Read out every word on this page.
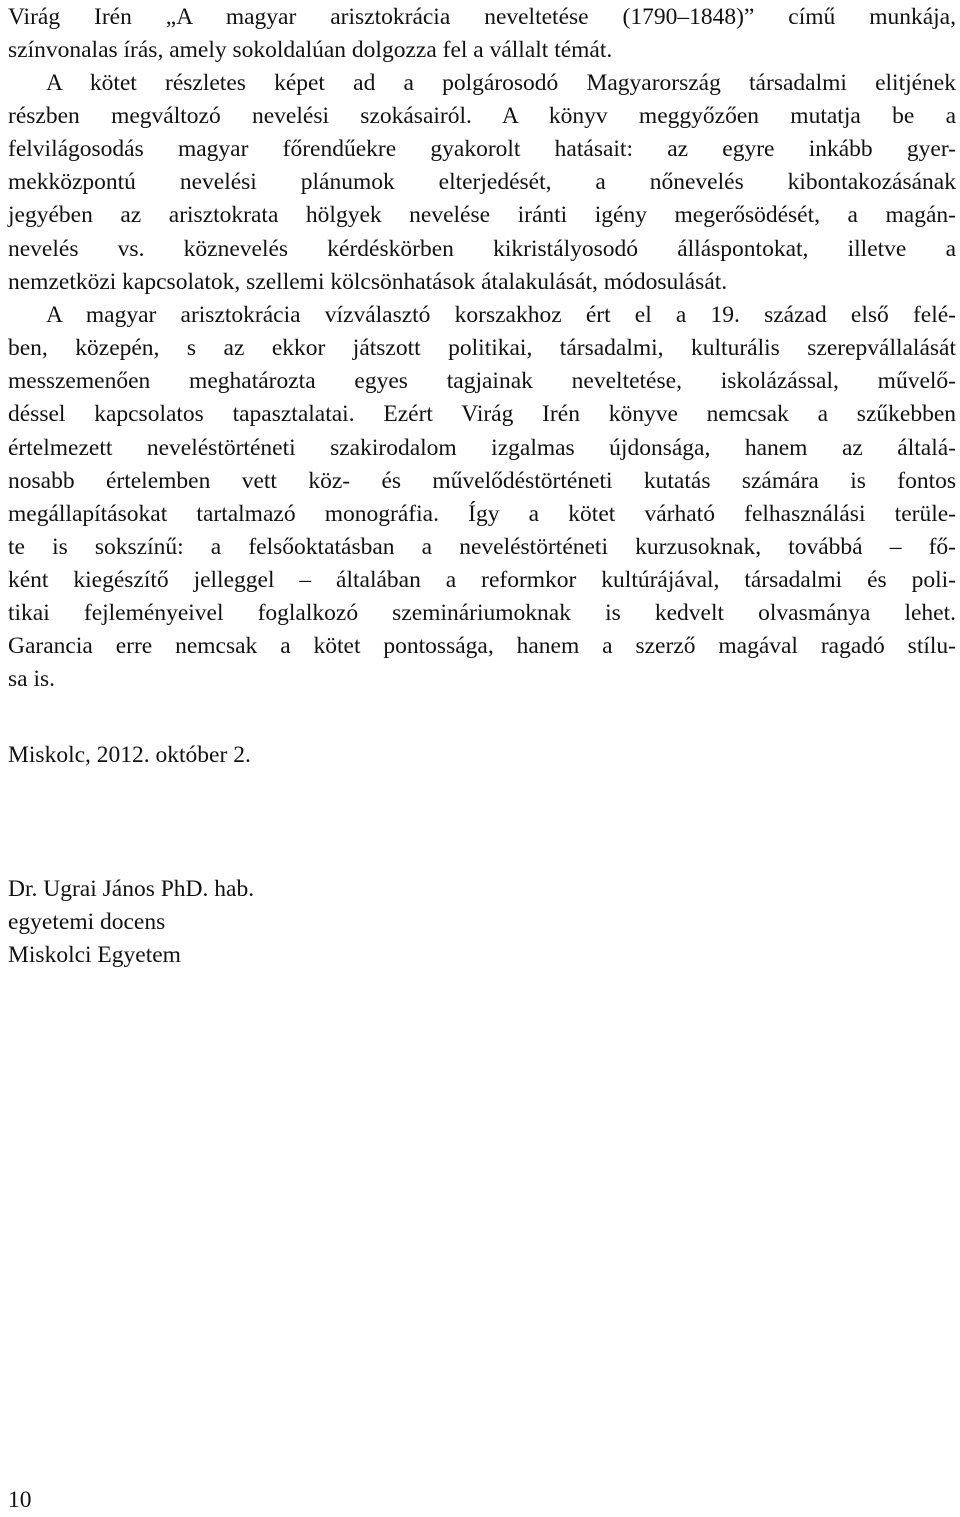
Virág Irén „A magyar arisztokrácia neveltetése (1790–1848)” című munkája,
színvonalas írás, amely sokoldalúan dolgozza fel a vállalt témát.
A kötet részletes képet ad a polgárosodó Magyarország társadalmi elitjének
részben megváltozó nevelési szokásairól. A könyv meggyőzően mutatja be a
felvilágosodás magyar főrendűekre gyakorolt hatásait: az egyre inkább gyer-
mekközpontú nevelési plánumok elterjedését, a nőnevelés kibontakozásának
jegyében az arisztokrata hölgyek nevelése iránti igény megerősödését, a magán-
nevelés vs. köznevelés kérdéskörben kikristályosodó álláspontokat, illetve a
nemzetközi kapcsolatok, szellemi kölcsönhatások átalakulását, módosulását.
A magyar arisztokrácia vízválasztó korszakhoz ért el a 19. század első felé-
ben, közepén, s az ekkor játszott politikai, társadalmi, kulturális szerepvállalását
messzemenően meghatározta egyes tagjainak neveltetése, iskolázással, művelő-
déssel kapcsolatos tapasztalatai. Ezért Virág Irén könyve nemcsak a szűkebben
értelmezett neveléstörténeti szakirodalom izgalmas újdonsága, hanem az általá-
nosabb értelemben vett köz- és művelődéstörténeti kutatás számára is fontos
megállapításokat tartalmazó monográfia. Így a kötet várható felhasználási terüle-
te is sokszínű: a felsőoktatásban a neveléstörténeti kurzusoknak, továbbá – fő-
ként kiegészítő jelleggel – általában a reformkor kultúrájával, társadalmi és poli-
tikai fejleményeivel foglalkozó szemináriumoknak is kedvelt olvasmánya lehet.
Garancia erre nemcsak a kötet pontossága, hanem a szerző magával ragadó stílu-
sa is.
Miskolc, 2012. október 2.
Dr. Ugrai János PhD. hab.
egyetemi docens
Miskolci Egyetem
10
